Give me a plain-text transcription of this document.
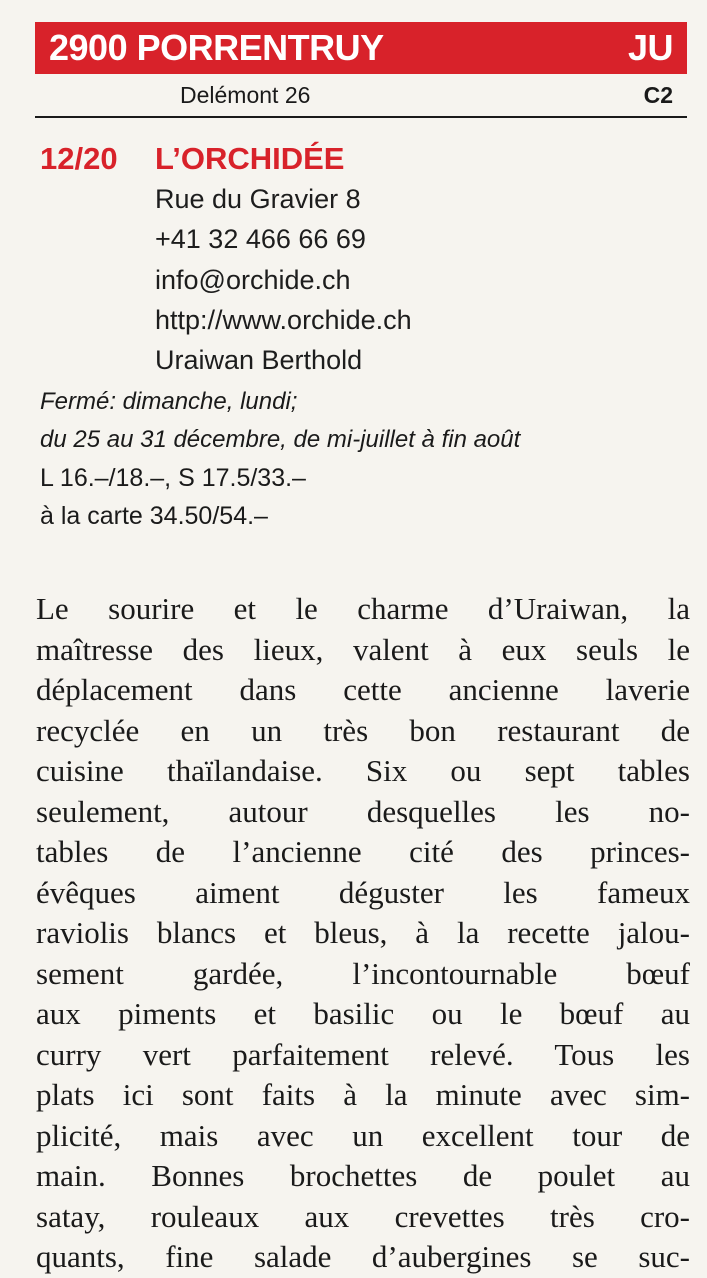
2900 PORRENTRUY	JU
Delémont 26	C2
12/20 L’ORCHIDÉE
Rue du Gravier 8
+41 32 466 66 69
info@orchide.ch
http://www.orchide.ch
Uraiwan Berthold
Fermé: dimanche, lundi;
du 25 au 31 décembre, de mi-juillet à fin août
L 16.–/18.–, S 17.5/33.–
à la carte 34.50/54.–
Le sourire et le charme d’Uraiwan, la
maîtresse des lieux, valent à eux seuls le
déplacement dans cette ancienne laverie
recyclée en un très bon restaurant de
cuisine thaïlandaise. Six ou sept tables
seulement, autour desquelles les no-
tables de l’ancienne cité des princes-
évêques aiment déguster les fameux
raviolis blancs et bleus, à la recette jalou-
sement gardée, l’incontournable bœuf
aux piments et basilic ou le bœuf au
curry vert parfaitement relevé. Tous les
plats ici sont faits à la minute avec sim-
plicité, mais avec un excellent tour de
main. Bonnes brochettes de poulet au
satay, rouleaux aux crevettes très cro-
quants, fine salade d’aubergines se suc-
